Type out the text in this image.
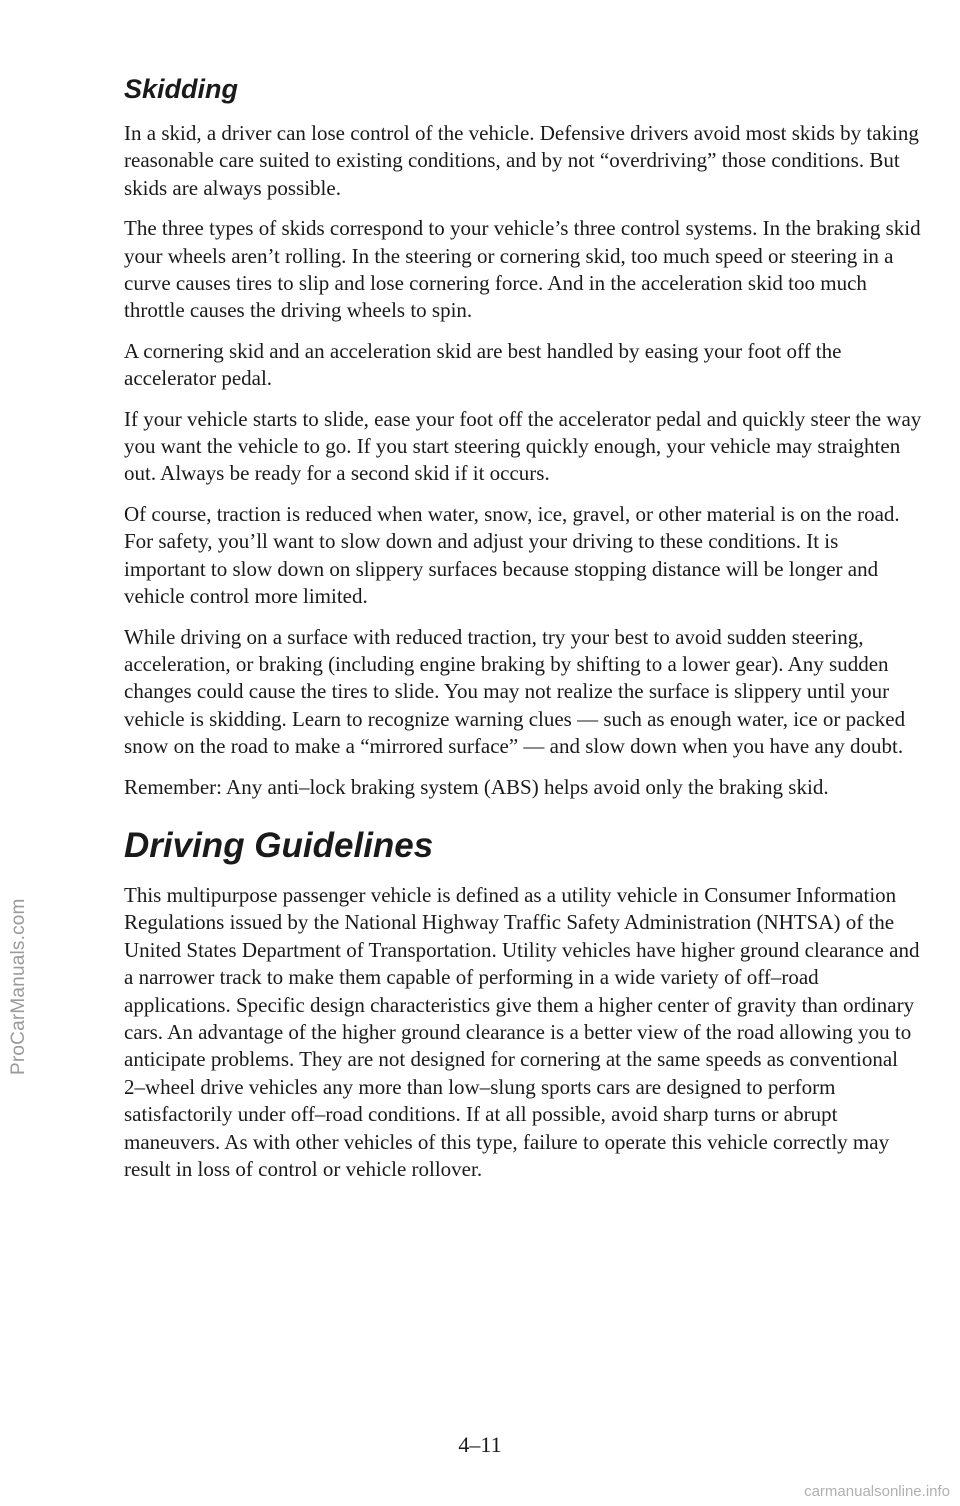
ProCarManuals.com
Skidding

In a skid, a driver can lose control of the vehicle. Defensive drivers avoid most skids by taking reasonable care suited to existing conditions, and by not “overdriving” those conditions. But skids are always possible.

The three types of skids correspond to your vehicle’s three control systems. In the braking skid your wheels aren’t rolling. In the steering or cornering skid, too much speed or steering in a curve causes tires to slip and lose cornering force. And in the acceleration skid too much throttle causes the driving wheels to spin.

A cornering skid and an acceleration skid are best handled by easing your foot off the accelerator pedal.

If your vehicle starts to slide, ease your foot off the accelerator pedal and quickly steer the way you want the vehicle to go. If you start steering quickly enough, your vehicle may straighten out. Always be ready for a second skid if it occurs.

Of course, traction is reduced when water, snow, ice, gravel, or other material is on the road. For safety, you’ll want to slow down and adjust your driving to these conditions. It is important to slow down on slippery surfaces because stopping distance will be longer and vehicle control more limited.

While driving on a surface with reduced traction, try your best to avoid sudden steering, acceleration, or braking (including engine braking by shifting to a lower gear). Any sudden changes could cause the tires to slide. You may not realize the surface is slippery until your vehicle is skidding. Learn to recognize warning clues — such as enough water, ice or packed snow on the road to make a “mirrored surface” — and slow down when you have any doubt.

Remember: Any anti–lock braking system (ABS) helps avoid only the braking skid.

Driving Guidelines

This multipurpose passenger vehicle is defined as a utility vehicle in Consumer Information Regulations issued by the National Highway Traffic Safety Administration (NHTSA) of the United States Department of Transportation. Utility vehicles have higher ground clearance and a narrower track to make them capable of performing in a wide variety of off–road applications. Specific design characteristics give them a higher center of gravity than ordinary cars. An advantage of the higher ground clearance is a better view of the road allowing you to anticipate problems. They are not designed for cornering at the same speeds as conventional 2–wheel drive vehicles any more than low–slung sports cars are designed to perform satisfactorily under off–road conditions. If at all possible, avoid sharp turns or abrupt maneuvers. As with other vehicles of this type, failure to operate this vehicle correctly may result in loss of control or vehicle rollover.

4–11
carmanualsonline.info
